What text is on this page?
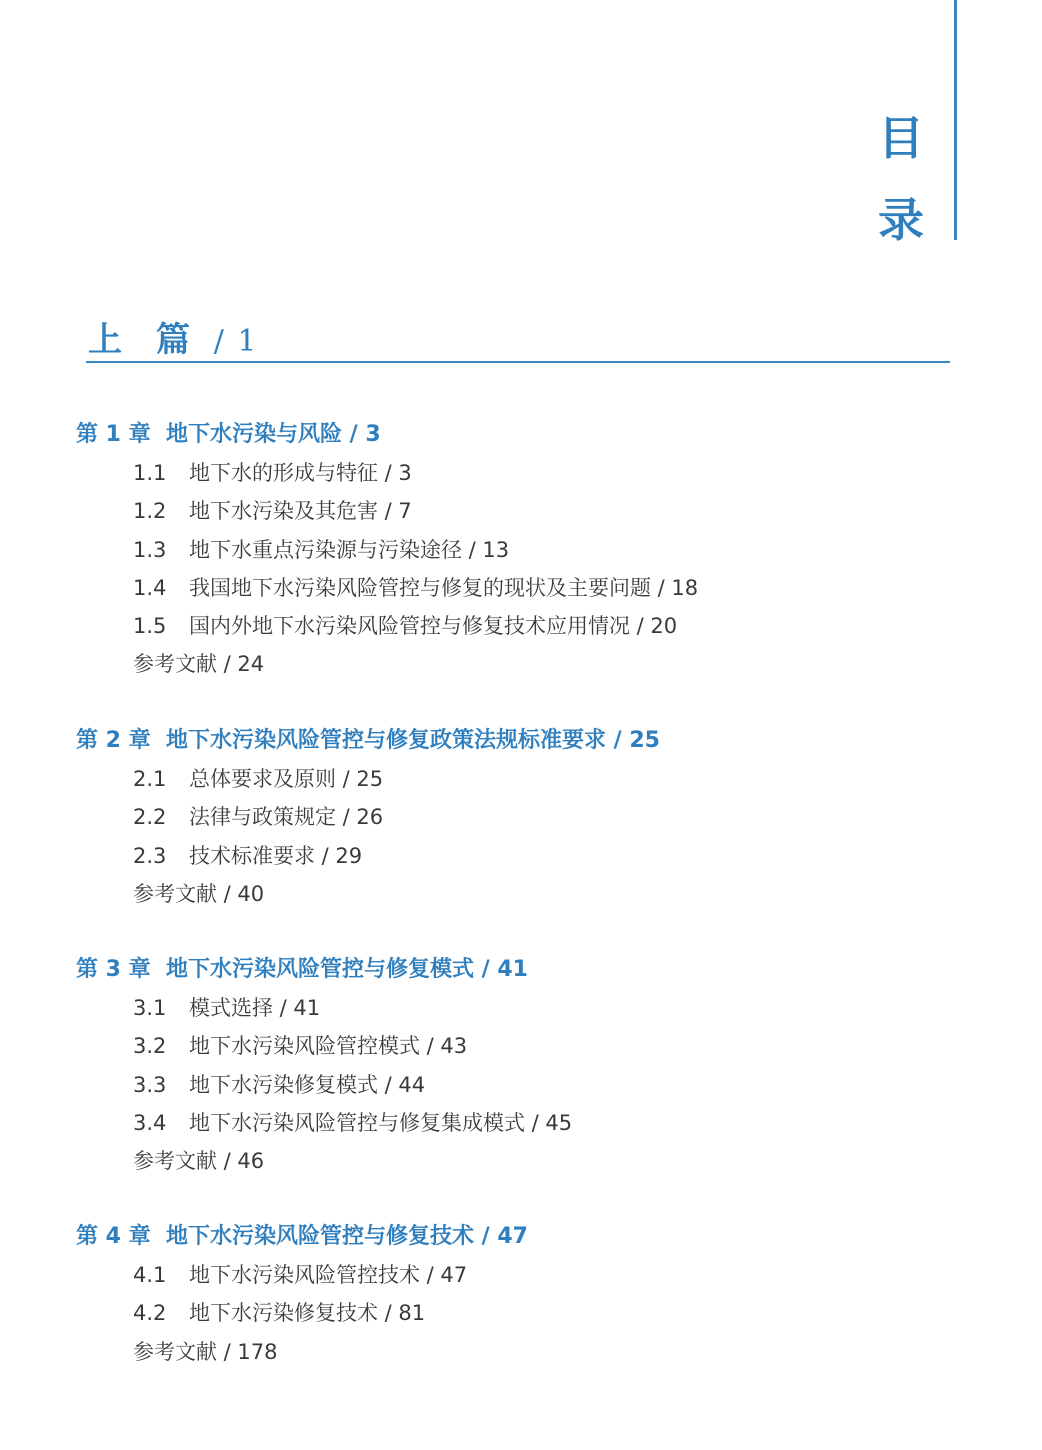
目
录
上　篇 / 1
第 1 章 地下水污染与风险 / 3
1.1 地下水的形成与特征 / 3
1.2 地下水污染及其危害 / 7
1.3 地下水重点污染源与污染途径 / 13
1.4 我国地下水污染风险管控与修复的现状及主要问题 / 18
1.5 国内外地下水污染风险管控与修复技术应用情况 / 20
参考文献 / 24
第 2 章 地下水污染风险管控与修复政策法规标准要求 / 25
2.1 总体要求及原则 / 25
2.2 法律与政策规定 / 26
2.3 技术标准要求 / 29
参考文献 / 40
第 3 章 地下水污染风险管控与修复模式 / 41
3.1 模式选择 / 41
3.2 地下水污染风险管控模式 / 43
3.3 地下水污染修复模式 / 44
3.4 地下水污染风险管控与修复集成模式 / 45
参考文献 / 46
第 4 章 地下水污染风险管控与修复技术 / 47
4.1 地下水污染风险管控技术 / 47
4.2 地下水污染修复技术 / 81
参考文献 / 178
